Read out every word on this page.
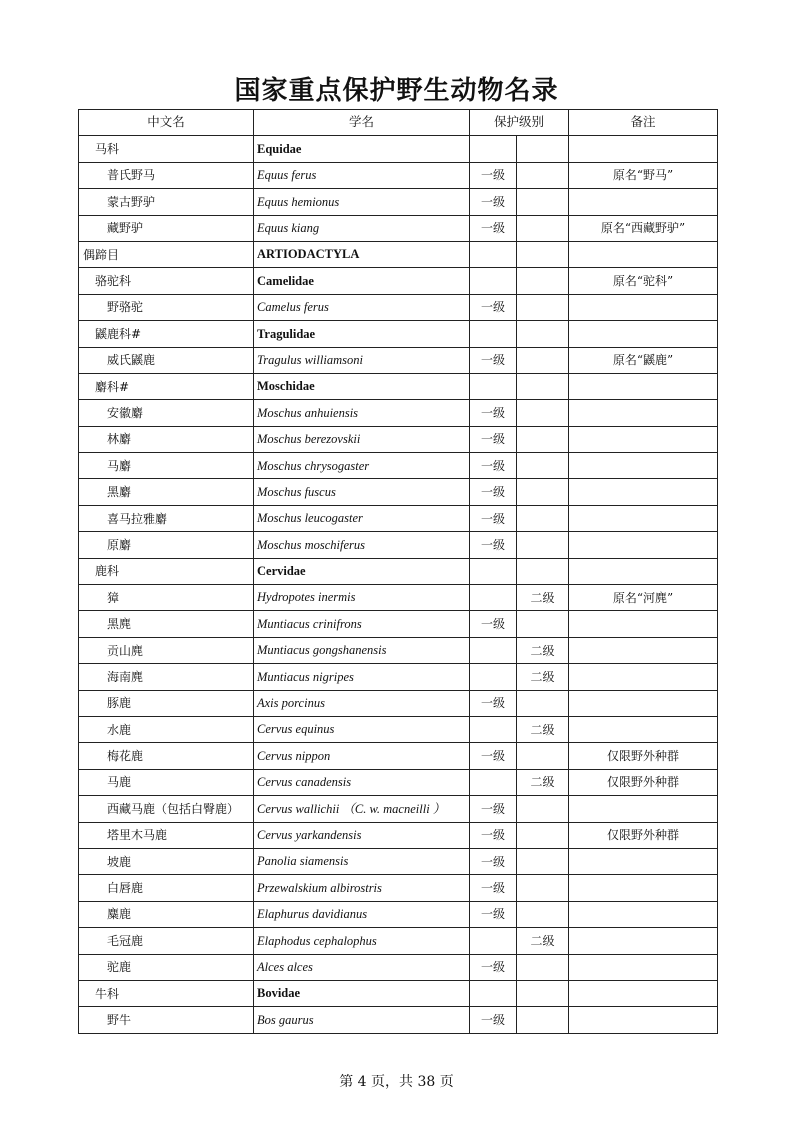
国家重点保护野生动物名录
中文名	学名	保护级别		备注
马科	Equidae			
普氏野马	Equus ferus	一级		原名“野马”
蒙古野驴	Equus hemionus	一级		
藏野驴	Equus kiang	一级		原名“西藏野驴”
偶蹄目	ARTIODACTYLA			
骆驼科	Camelidae			原名“驼科”
野骆驼	Camelus ferus	一级		
鼷鹿科#	Tragulidae			
威氏鼷鹿	Tragulus williamsoni	一级		原名“鼷鹿”
麝科#	Moschidae			
安徽麝	Moschus anhuiensis	一级		
林麝	Moschus berezovskii	一级		
马麝	Moschus chrysogaster	一级		
黑麝	Moschus fuscus	一级		
喜马拉雅麝	Moschus leucogaster	一级		
原麝	Moschus moschiferus	一级		
鹿科	Cervidae			
獐	Hydropotes inermis		二级	原名“河麂”
黑麂	Muntiacus crinifrons	一级		
贡山麂	Muntiacus gongshanensis		二级	
海南麂	Muntiacus nigripes		二级	
豚鹿	Axis porcinus	一级		
水鹿	Cervus equinus		二级	
梅花鹿	Cervus nippon	一级		仅限野外种群
马鹿	Cervus canadensis		二级	仅限野外种群
西藏马鹿（包括白臀鹿）	Cervus wallichii （C. w. macneilli ）	一级		
塔里木马鹿	Cervus yarkandensis	一级		仅限野外种群
坡鹿	Panolia siamensis	一级		
白唇鹿	Przewalskium albirostris	一级		
麋鹿	Elaphurus davidianus	一级		
毛冠鹿	Elaphodus cephalophus		二级	
驼鹿	Alces alces	一级		
牛科	Bovidae			
野牛	Bos gaurus	一级		
第 4 页，共 38 页
